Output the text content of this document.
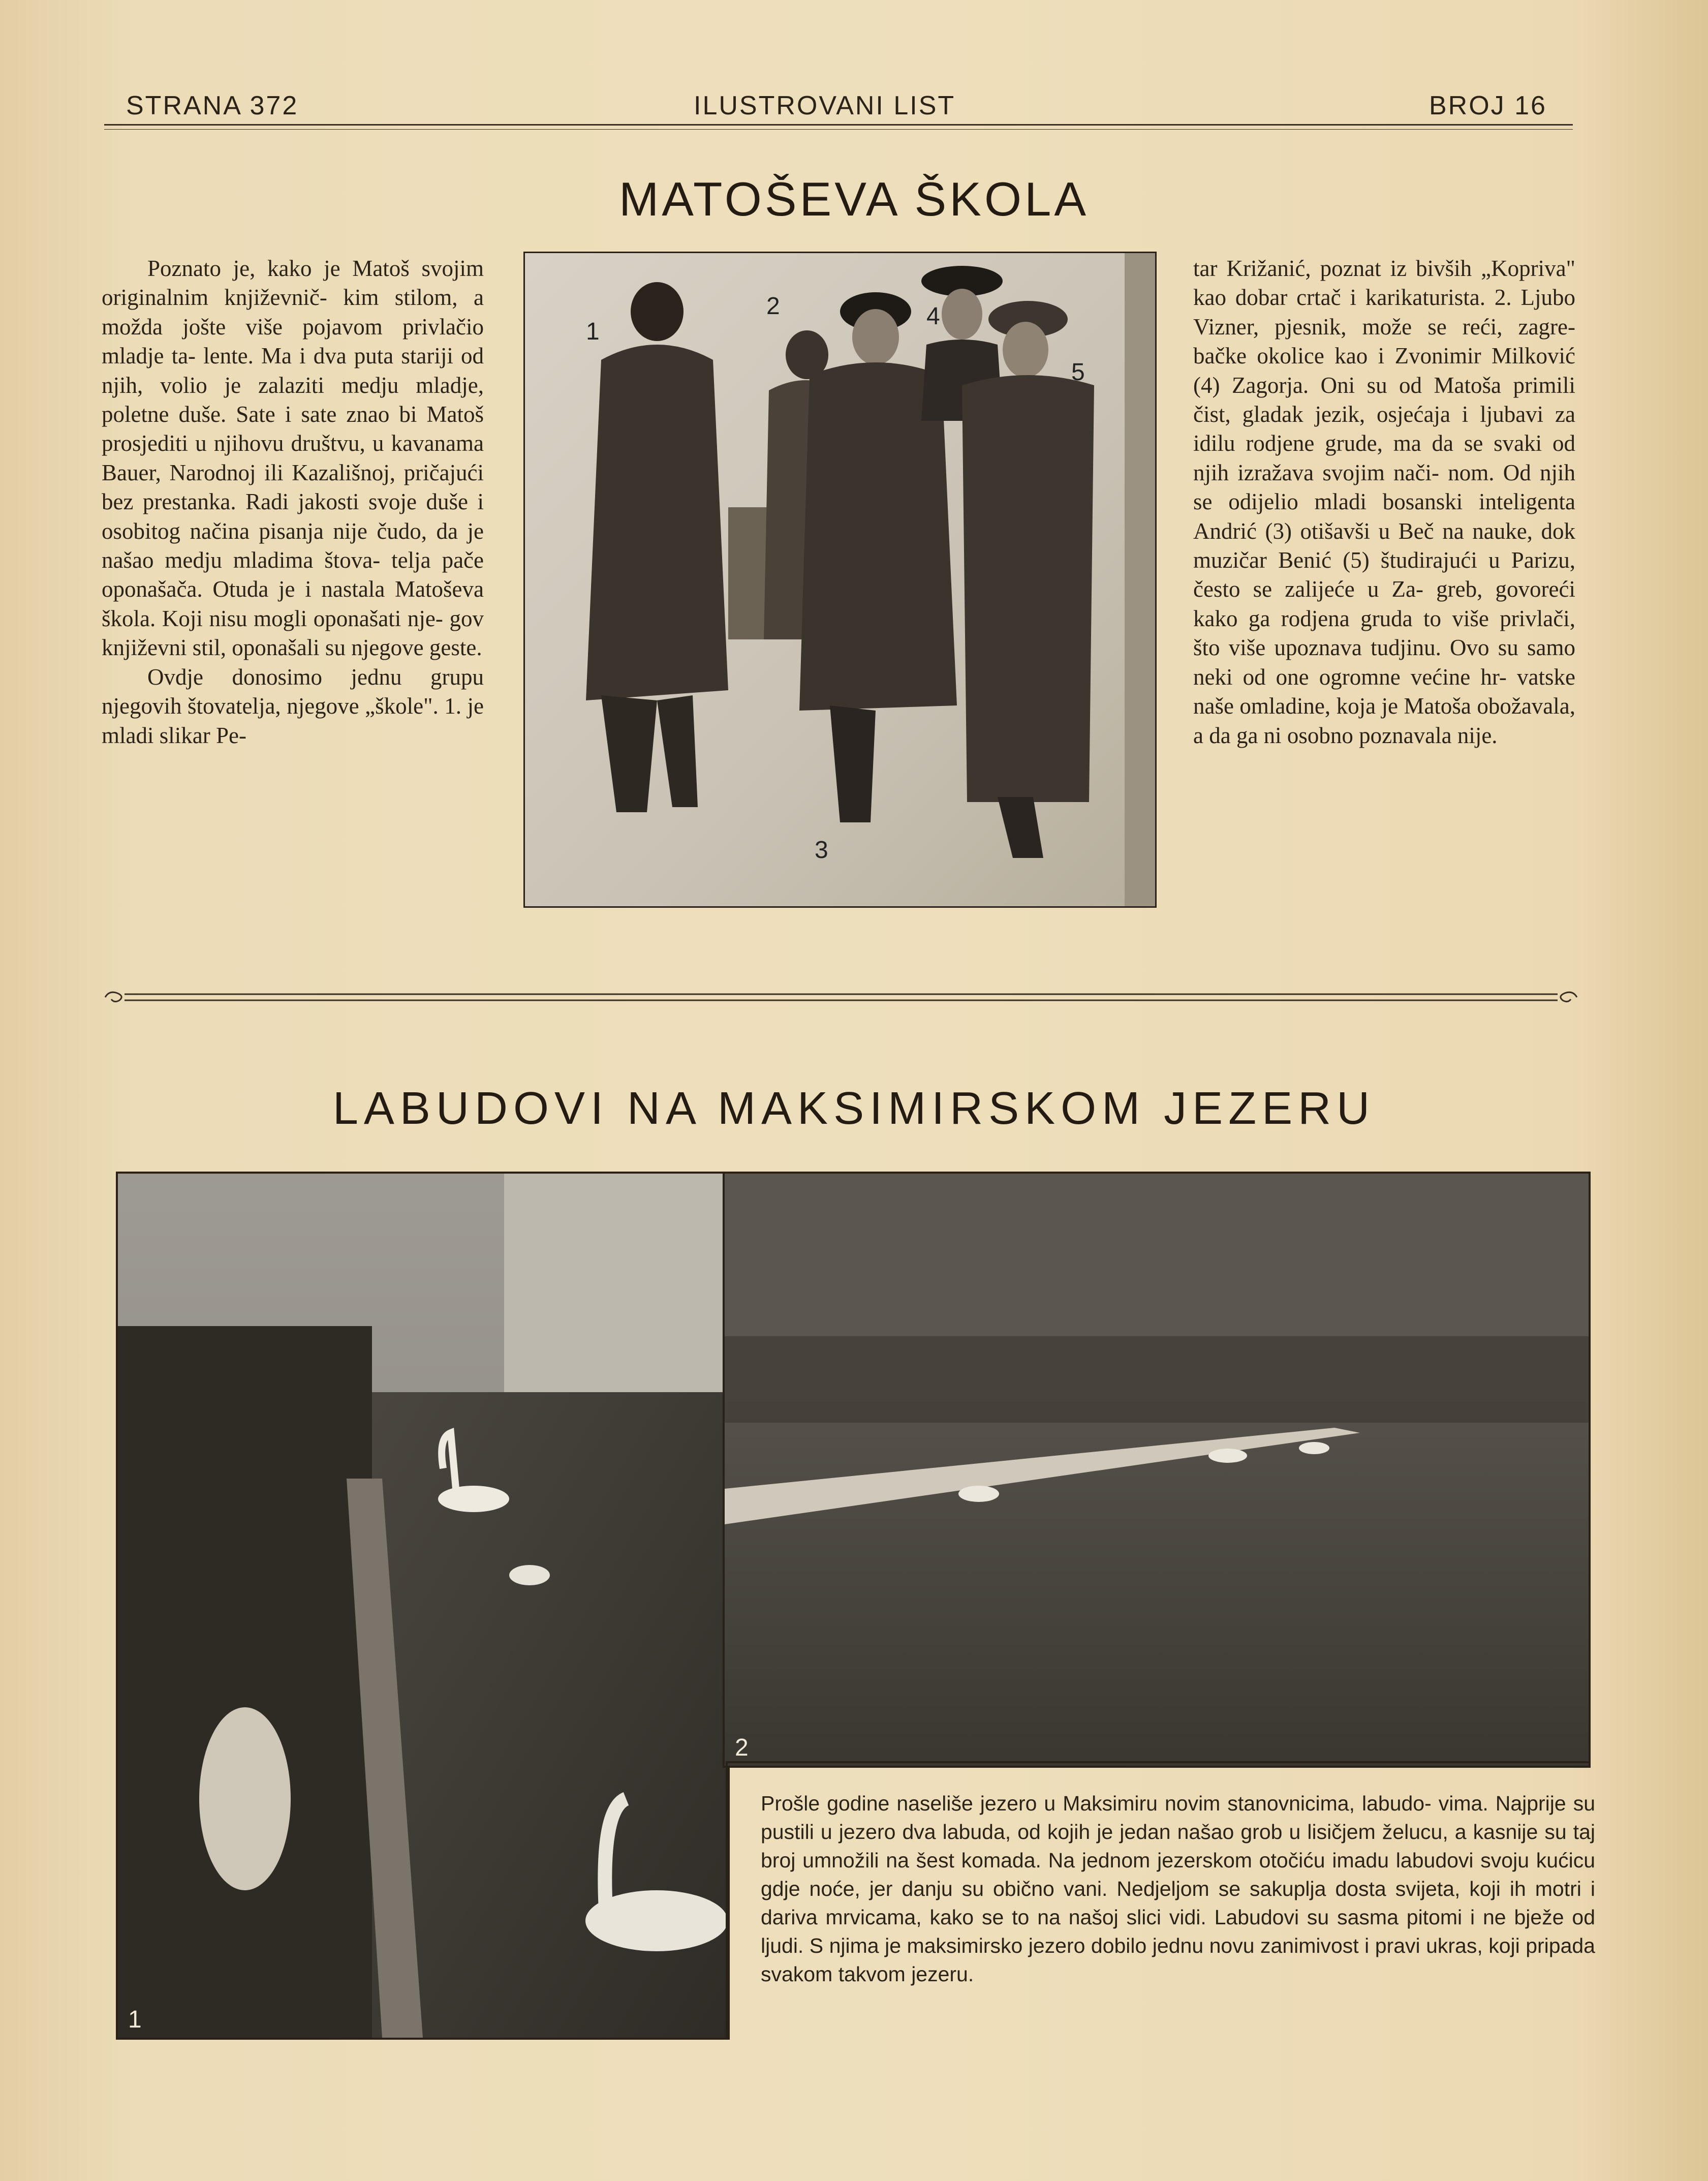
STRANA 372	ILUSTROVANI LIST	BROJ 16
MATOŠEVA ŠKOLA

Poznato je, kako je Matoš svojim originalnim književnič- kim stilom, a možda jošte više pojavom privlačio mladje ta- lente. Ma i dva puta stariji od njih, volio je zalaziti medju mladje, poletne duše. Sate i sate znao bi Matoš prosjediti u njihovu društvu, u kavanama Bauer, Narodnoj ili Kazališnoj, pričajući bez prestanka. Radi jakosti svoje duše i osobitog načina pisanja nije čudo, da je našao medju mladima štova- telja pače oponašača. Otuda je i nastala Matoševa škola. Koji nisu mogli oponašati nje- gov književni stil, oponašali su njegove geste.

Ovdje donosimo jednu grupu njegovih štovatelja, njegove „škole". 1. je mladi slikar Pe-

1
2
3
4
5

tar Križanić, poznat iz bivših „Kopriva" kao dobar crtač i karikaturista. 2. Ljubo Vizner, pjesnik, može se reći, zagre- bačke okolice kao i Zvonimir Milković (4) Zagorja. Oni su od Matoša primili čist, gladak jezik, osjećaja i ljubavi za idilu rodjene grude, ma da se svaki od njih izražava svojim nači- nom. Od njih se odijelio mladi bosanski inteligenta Andrić (3) otišavši u Beč na nauke, dok muzičar Benić (5) študirajući u Parizu, često se zalijeće u Za- greb, govoreći kako ga rodjena gruda to više privlači, što više upoznava tudjinu. Ovo su samo neki od one ogromne većine hr- vatske naše omladine, koja je Matoša obožavala, a da ga ni osobno poznavala nije.

LABUDOVI NA MAKSIMIRSKOM JEZERU
1
2

Prošle godine naseliše jezero u Maksimiru novim stanovnicima, labudo- vima. Najprije su pustili u jezero dva labuda, od kojih je jedan našao grob u lisičjem želucu, a kasnije su taj broj umnožili na šest komada. Na jednom jezerskom otočiću imadu labudovi svoju kućicu gdje noće, jer danju su obično vani. Nedjeljom se sakuplja dosta svijeta, koji ih motri i dariva mrvicama, kako se to na našoj slici vidi. Labudovi su sasma pitomi i ne bježe od ljudi. S njima je maksimirsko jezero dobilo jednu novu zanimivost i pravi ukras, koji pripada svakom takvom jezeru.
